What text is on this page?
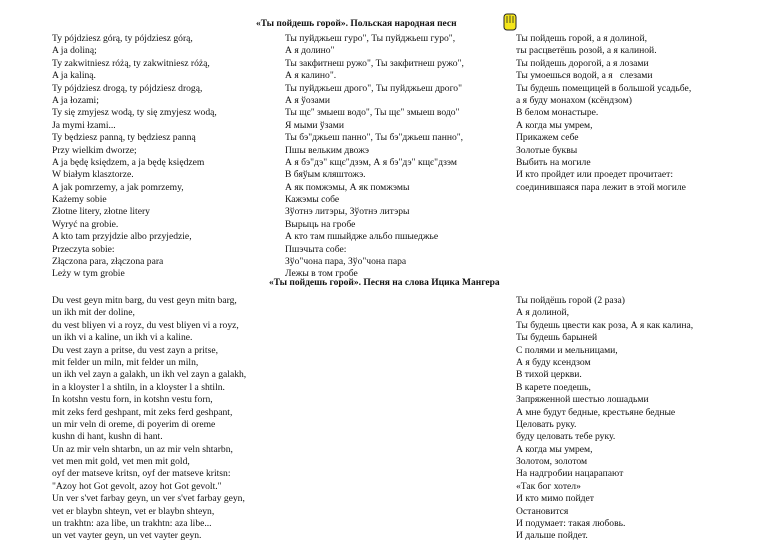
«Ты пойдешь горой». Польская народная песн
Ty pójdziesz górą, ty pójdziesz górą,
A ja doliną;
Ty zakwitniesz różą, ty zakwitniesz różą,
A ja kaliną.
Ty pójdziesz drogą, ty pójdziesz drogą,
A ja łozami;
Ty się zmyjesz wodą, ty się zmyjesz wodą,
Ja mymi łzami...
Ty będziesz panną, ty będziesz panną
Przy wielkim dworze;
A ja będę księdzem, a ja będę księdzem
W białym klasztorze.
A jak pomrzemy, a jak pomrzemy,
Każemy sobie
Złotne litery, złotne litery
Wyryć na grobie.
A kto tam przyjdzie albo przyjedzie,
Przeczyta sobie:
Złączona para, złączona para
Leży w tym grobie
Ты пуйджьеш гуро", Ты пуйджьеш гуро",
А я долино"
Ты закфитнеш ружо", Ты закфитнеш ружо",
А я калино".
Ты пуйджьеш дрого", Ты пуйджьеш дрого"
А я ўозами
Ты щє" змыеш водо", Ты щє" змыеш водо"
Я мыми ўзами
Ты бэ"джьеш панно", Ты бэ"джьеш панно",
Пшы вельким двожэ
А я бэ"дэ" кщє"дзэм, А я бэ"дэ" кщє"дзэм
В бяўым кляштожэ.
А як помжэмы, А як помжэмы
Кажэмы собе
Зўотнэ литэры, Зўотнэ литэры
Вырыць на гробе
А кто там пшыйдже альбо пшыеджье
Пшэчыта собе:
Зўо"чона пара, Зўо"чона пара
Лежы в том гробе
Ты пойдешь горой, а я долиной,
ты расцветёшь розой, а я калиной.
Ты пойдешь дорогой, а я лозами
Ты умоешься водой, а я   слезами
Ты будешь помещицей в большой усадьбе,
а я буду монахом (ксёндзом)
В белом монастыре.
А когда мы умрем,
Прикажем себе
Золотые буквы
Выбить на могиле
И кто пройдет или проедет прочитает:
соединившаяся пара лежит в этой могиле
«Ты пойдешь горой». Песня на слова Ицика Мангера
Du vest geyn mitn barg, du vest geyn mitn barg,
un ikh mit der doline,
du vest bliyen vi a royz, du vest bliyen vi a royz,
un ikh vi a kaline, un ikh vi a kaline.
Du vest zayn a pritse, du vest zayn a pritse,
mit felder un miln, mit felder un miln,
un ikh vel zayn a galakh, un ikh vel zayn a galakh,
in a kloyster l a shtiln, in a kloyster l a shtiln.
In kotshn vestu forn, in kotshn vestu forn,
mit zeks ferd geshpant, mit zeks ferd geshpant,
un mir veln di oreme, di poyerim di oreme
kushn di hant, kushn di hant.
Un az mir veln shtarbn, un az mir veln shtarbn,
vet men mit gold, vet men mit gold,
oyf der matseve kritsn, oyf der matseve kritsn:
"Azoy hot Got gevolt, azoy hot Got gevolt."
Un ver s'vet farbay geyn, un ver s'vet farbay geyn,
vet er blaybn shteyn, vet er blaybn shteyn,
un trakhtn: aza libe, un trakhtn: aza libe...
un vet vayter geyn, un vet vayter geyn.
Ты пойдёшь горой (2 раза)
А я долиной,
Ты будешь цвести как роза, А я как калина,
Ты будешь барыней
С полями и мельницами,
А я буду ксендзом
В тихой церкви.
В карете поедешь,
Запряженной шестью лошадьми
А мне будут бедные, крестьяне бедные
Целовать руку.
буду целовать тебе руку.
А когда мы умрем,
Золотом, золотом
На надгробии нацарапают
«Так бог хотел»
И кто мимо пойдет
Остановится
И подумает: такая любовь.
И дальше пойдет.
